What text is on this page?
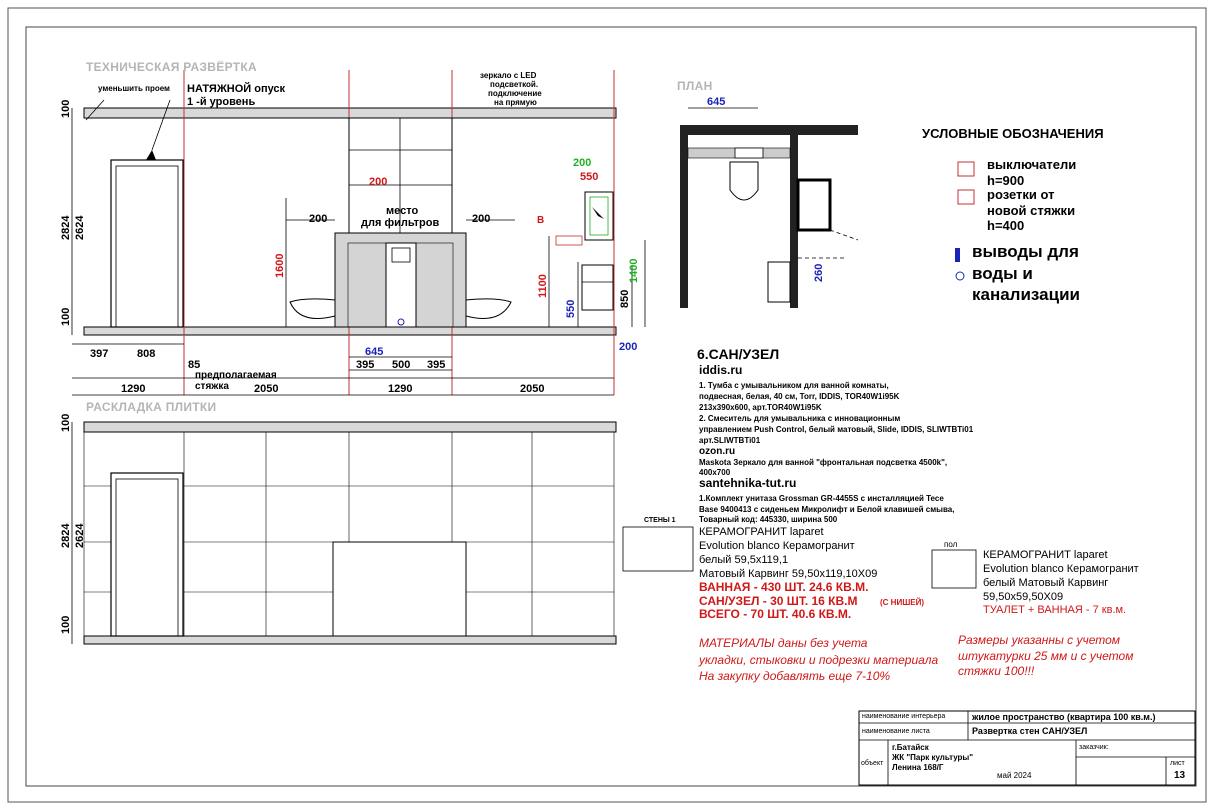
ТЕХНИЧЕСКАЯ РАЗВЁРТКА
РАСКЛАДКА ПЛИТКИ
ПЛАН
уменьшить проем НАТЯЖНОЙ опуск
1 -й уровень
зеркало с LED
подсветкой.
подключение
на прямую
место
для фильтров
предполагаемая
стяжка
В
100
2824 2624
100
200
200	200
1600
200
550
1100
550
850
1400
200
397	808
85
645
395 500 395
1290	2050	1290	2050
100
2824 2624
100
645
260
УСЛОВНЫЕ ОБОЗНАЧЕНИЯ
выключатели
h=900
розетки от
новой стяжки
h=400
выводы для
воды и
канализации
6.САН/УЗЕЛ
iddis.ru
1. Тумба с умывальником для ванной комнаты,
подвесная, белая, 40 см, Torr, IDDIS, TOR40W1i95K
213x390x600, арт.TOR40W1i95K
2. Смеситель для умывальника с инновационным
управлением Push Control, белый матовый, Slide, IDDIS, SLIWTBTi01
арт.SLIWTBTi01
ozon.ru
Maskota Зеркало для ванной "фронтальная подсветка 4500k",
400x700
santehnika-tut.ru
1.Комплект унитаза Grossman GR-4455S с инсталляцией Tece
Base 9400413 с сиденьем Микролифт и Белой клавишей смыва,
Товарный код: 445330, ширина 500
СТЕНЫ 1
КЕРАМОГРАНИТ laparet
Evolution blanco Керамогранит
белый 59,5х119,1
Матовый Карвинг 59,50x119,10X09
ВАННАЯ - 430 ШТ. 24.6 КВ.М.
САН/УЗЕЛ - 30 ШТ. 16 КВ.М	(С НИШЕЙ)
ВСЕГО - 70 ШТ. 40.6 КВ.М.
пол
КЕРАМОГРАНИТ laparet
Evolution blanco Керамогранит
белый Матовый Карвинг
59,50x59,50X09
ТУАЛЕТ + ВАННАЯ - 7 кв.м.
МАТЕРИАЛЫ даны без учета
укладки, стыковки и подрезки материала
На закупку добавлять еще 7-10%
Размеры указанны с учетом
штукатурки 25 мм и с учетом
стяжки 100!!!
наименование интерьера	жилое пространство (квартира 100 кв.м.)
наименование листа	Развертка стен САН/УЗЕЛ
заказчик:
объект
г.Батайск
ЖК "Парк культуры"
Ленина 168/Г
май 2024
лист
13
